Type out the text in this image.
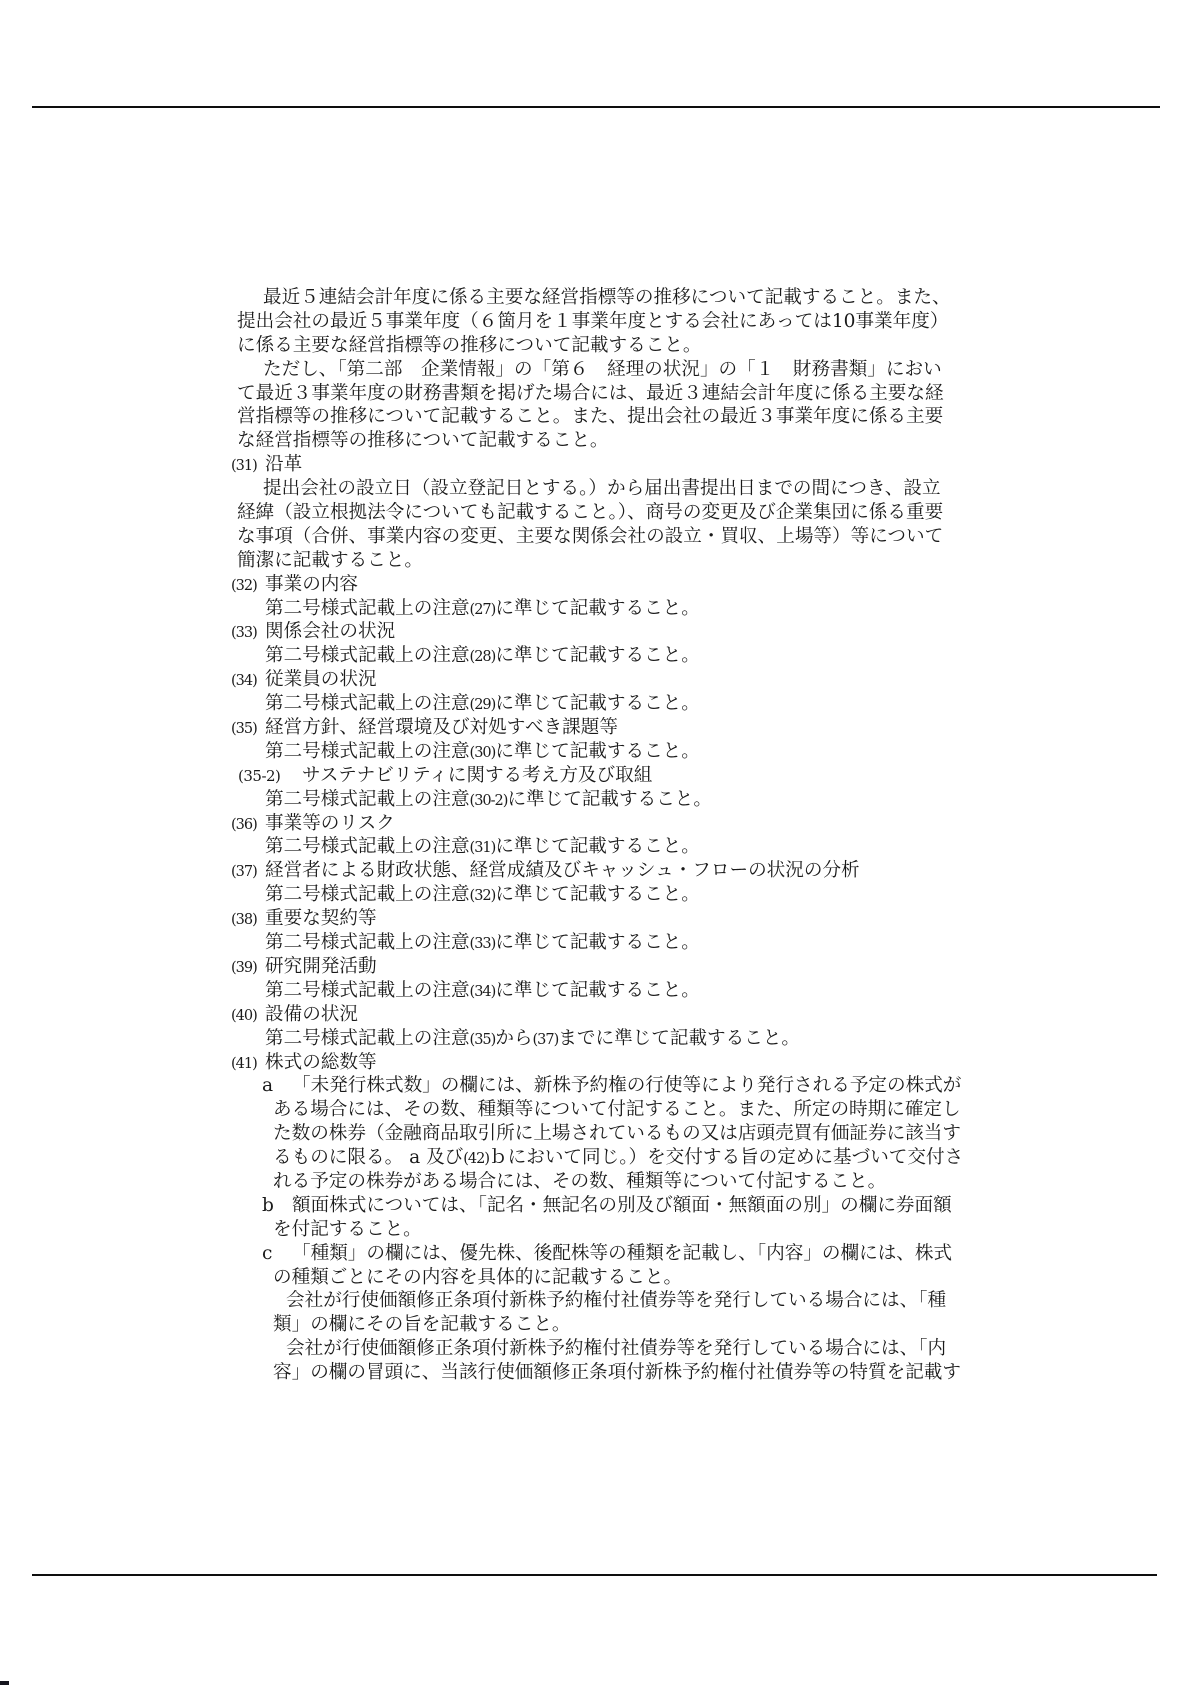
最近５連結会計年度に係る主要な経営指標等の推移について記載すること。また、
提出会社の最近５事業年度（６箇月を１事業年度とする会社にあっては10事業年度）
に係る主要な経営指標等の推移について記載すること。
ただし、「第二部　企業情報」の「第６　経理の状況」の「１　財務書類」におい
て最近３事業年度の財務書類を掲げた場合には、最近３連結会計年度に係る主要な経
営指標等の推移について記載すること。また、提出会社の最近３事業年度に係る主要
な経営指標等の推移について記載すること。
(31) 沿革
提出会社の設立日（設立登記日とする。）から届出書提出日までの間につき、設立
経緯（設立根拠法令についても記載すること。）、商号の変更及び企業集団に係る重要
な事項（合併、事業内容の変更、主要な関係会社の設立・買収、上場等）等について
簡潔に記載すること。
(32) 事業の内容
第二号様式記載上の注意(27)に準じて記載すること。
(33) 関係会社の状況
第二号様式記載上の注意(28)に準じて記載すること。
(34) 従業員の状況
第二号様式記載上の注意(29)に準じて記載すること。
(35) 経営方針、経営環境及び対処すべき課題等
第二号様式記載上の注意(30)に準じて記載すること。
(35-2) サステナビリティに関する考え方及び取組
第二号様式記載上の注意(30-2)に準じて記載すること。
(36) 事業等のリスク
第二号様式記載上の注意(31)に準じて記載すること。
(37) 経営者による財政状態、経営成績及びキャッシュ・フローの状況の分析
第二号様式記載上の注意(32)に準じて記載すること。
(38) 重要な契約等
第二号様式記載上の注意(33)に準じて記載すること。
(39) 研究開発活動
第二号様式記載上の注意(34)に準じて記載すること。
(40) 設備の状況
第二号様式記載上の注意(35)から(37)までに準じて記載すること。
(41) 株式の総数等
a 「未発行株式数」の欄には、新株予約権の行使等により発行される予定の株式が
ある場合には、その数、種類等について付記すること。また、所定の時期に確定し
た数の株券（金融商品取引所に上場されているもの又は店頭売買有価証券に該当す
るものに限る。 a 及び(42)ｂにおいて同じ。）を交付する旨の定めに基づいて交付さ
れる予定の株券がある場合には、その数、種類等について付記すること。
b 額面株式については、「記名・無記名の別及び額面・無額面の別」の欄に券面額
を付記すること。
c 「種類」の欄には、優先株、後配株等の種類を記載し、「内容」の欄には、株式
の種類ごとにその内容を具体的に記載すること。
会社が行使価額修正条項付新株予約権付社債券等を発行している場合には、「種
類」の欄にその旨を記載すること。
会社が行使価額修正条項付新株予約権付社債券等を発行している場合には、「内
容」の欄の冒頭に、当該行使価額修正条項付新株予約権付社債券等の特質を記載す
